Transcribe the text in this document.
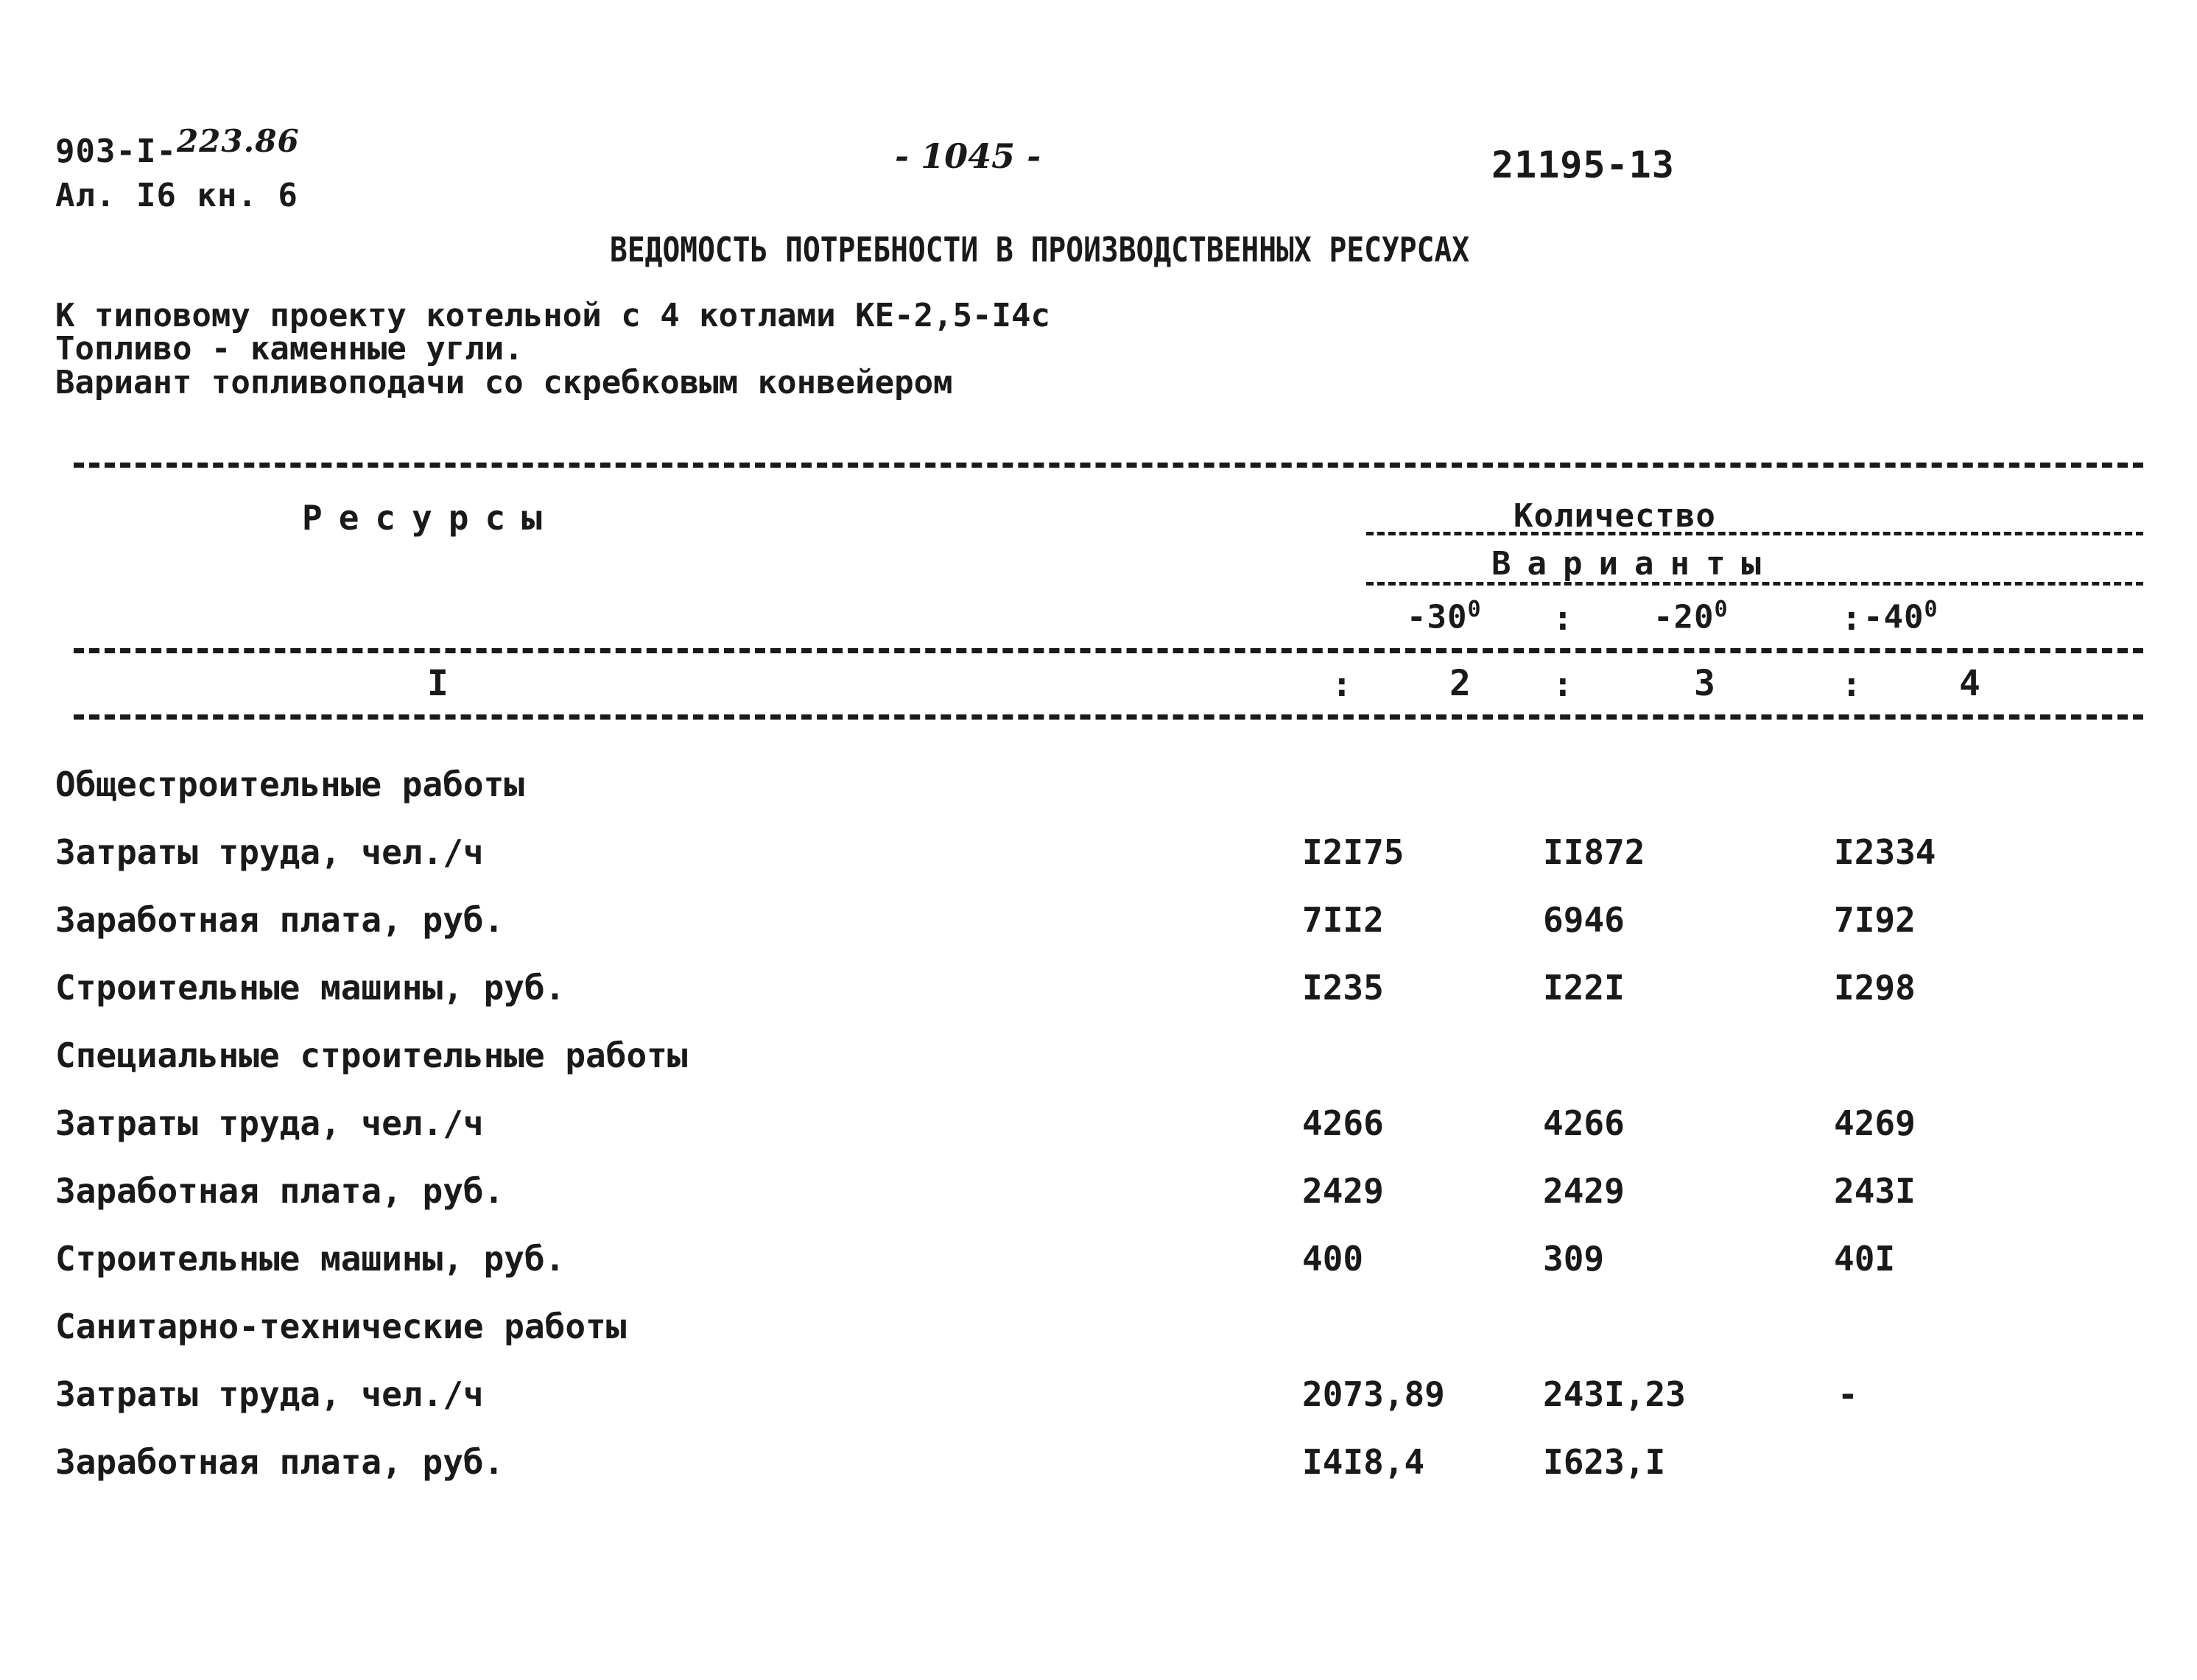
903-I-223.86
Ал. I6 кн. 6
- 1045 -	21195-13
ВЕДОМОСТЬ ПОТРЕБНОСТИ В ПРОИЗВОДСТВЕННЫХ РЕСУРСАХ
К типовому проекту котельной с 4 котлами КЕ-2,5-I4с
Топливо - каменные угли.
Вариант топливоподачи со скребковым конвейером
Ресурсы	Количество
Варианты
$-30^0$ : $-20^0$	: $-40^0$
I	:	2 :	3	:	4
Общестроительные работы
Затраты труда, чел./ч	I2I75	II872	I2334
Заработная плата, руб.	7II2	6946	7I92
Строительные машины, руб.	I235	I22I	I298
Специальные строительные работы
Затраты труда, чел./ч	4266	4266	4269
Заработная плата, руб.	2429	2429	243I
Строительные машины, руб.	400	309	40I
Санитарно-технические работы
Затраты труда, чел./ч	2073,89	243I,23	-
Заработная плата, руб.	I4I8,4	I623,I
